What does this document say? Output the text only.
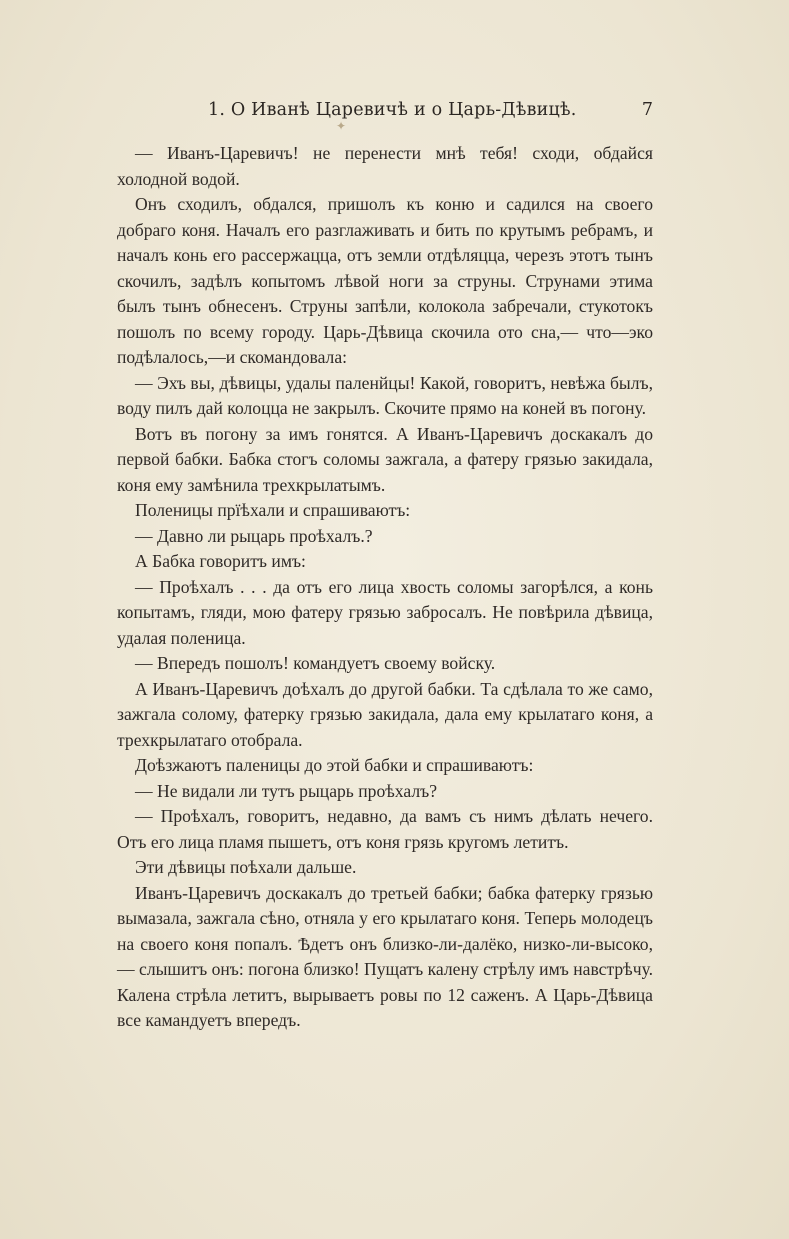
1. О Иванѣ Царевичѣ и о Царь-Дѣвицѣ.	7
✦

— Иванъ-Царевичъ! не перенести мнѣ тебя! сходи, обдайся холодной водой.

Онъ сходилъ, обдался, пришолъ къ коню и садился на своего добраго коня. Началъ его разглаживать и бить по крутымъ ребрамъ, и началъ конь его рассержацца, отъ земли отдѣляцца, черезъ этотъ тынъ скочилъ, задѣлъ копытомъ лѣвой ноги за струны. Струнами этима былъ тынъ обнесенъ. Струны запѣли, колокола забречали, стукотокъ пошолъ по всему городу. Царь-Дѣвица скочила ото сна,— что—эко подѣлалось,—и скомандовала:

— Эхъ вы, дѣвицы, удалы паленйцы! Какой, говоритъ, невѣжа былъ, воду пилъ дай колоцца не закрылъ. Скочите прямо на коней въ погону.

Вотъ въ погону за имъ гонятся. А Иванъ-Царевичъ доскакалъ до первой бабки. Бабка стогъ соломы зажгала, а фатеру грязью закидала, коня ему замѣнила трехкрылатымъ.

Поленицы прїѣхали и спрашиваютъ:

— Давно ли рыцарь проѣхалъ.?

А Бабка говоритъ имъ:

— Проѣхалъ . . . да отъ его лица хвость соломы загорѣлся, а конь копытамъ, гляди, мою фатеру грязью забросалъ. Не повѣрила дѣвица, удалая поленица.

— Впередъ пошолъ! командуетъ своему войску.

А Иванъ-Царевичъ доѣхалъ до другой бабки. Та сдѣлала то же само, зажгала солому, фатерку грязью закидала, дала ему крылатаго коня, а трехкрылатаго отобрала.

Доѣзжаютъ паленицы до этой бабки и спрашиваютъ:

— Не видали ли тутъ рыцарь проѣхалъ?

— Проѣхалъ, говоритъ, недавно, да вамъ съ нимъ дѣлать нечего. Отъ его лица пламя пышетъ, отъ коня грязь кругомъ летитъ.

Эти дѣвицы поѣхали дальше.

Иванъ-Царевичъ доскакалъ до третьей бабки; бабка фатерку грязью вымазала, зажгала сѣно, отняла у его крылатаго коня. Теперь молодецъ на своего коня попалъ. Ѣдетъ онъ близко-ли-далёко, низко-ли-высоко, — слышитъ онъ: погона близко! Пущатъ калену стрѣлу имъ навстрѣчу. Калена стрѣла летитъ, вырываетъ ровы по 12 саженъ. А Царь-Дѣвица все камандуетъ впередъ.
